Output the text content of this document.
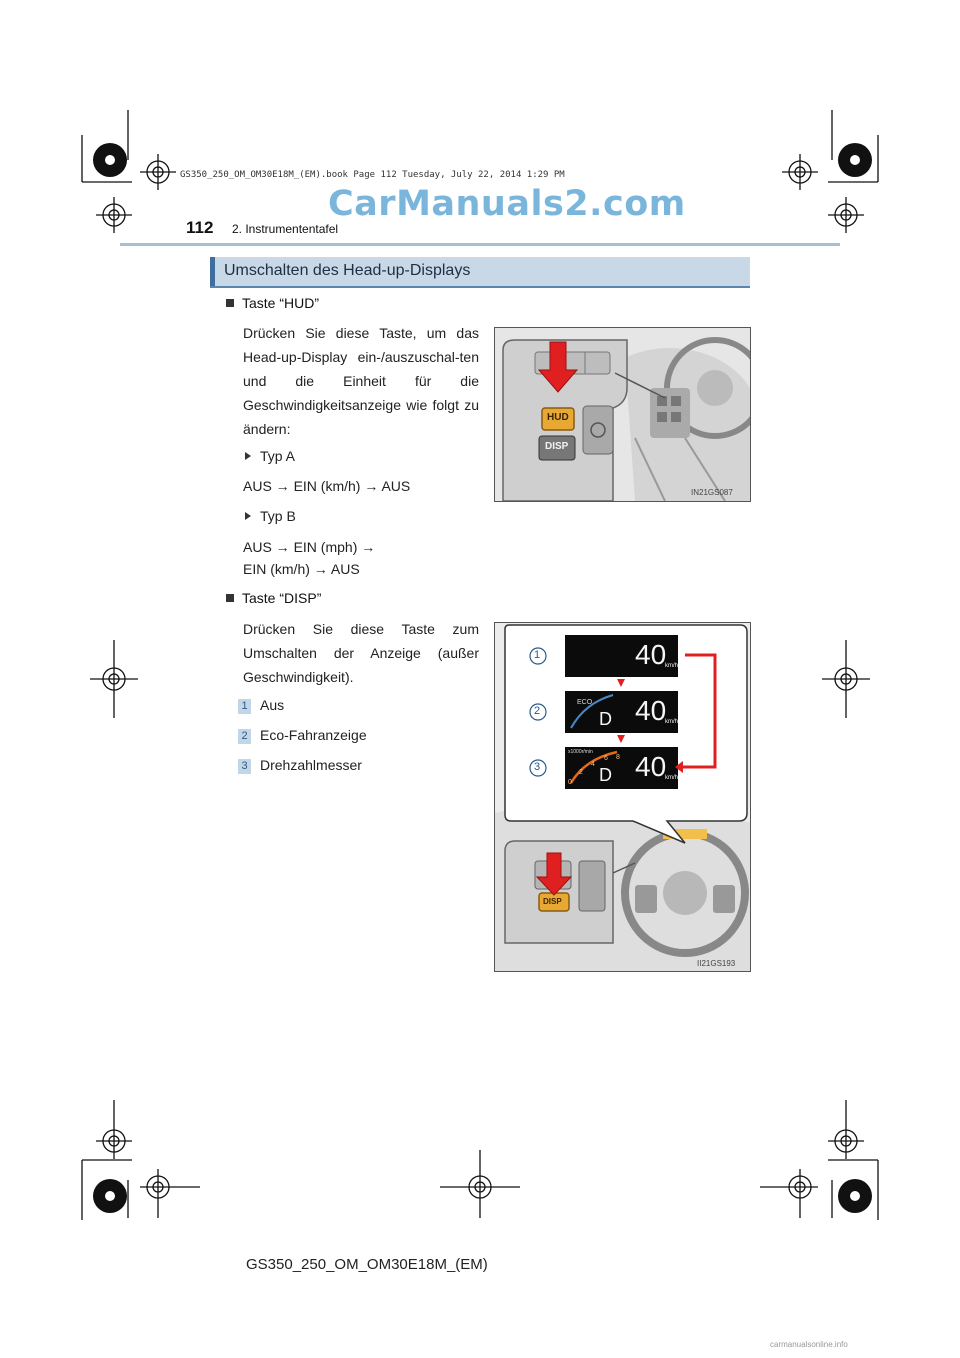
GS350_250_OM_OM30E18M_(EM).book Page 112 Tuesday, July 22, 2014 1:29 PM
CarManuals2.com
112 2. Instrumententafel
Umschalten des Head-up-Displays
Taste “HUD”
Drücken Sie diese Taste, um das Head-up-Display ein-/auszuschal-ten und die Einheit für die Geschwindigkeitsanzeige wie folgt zu ändern:
Typ A
AUS → EIN (km/h) → AUS
Typ B
AUS → EIN (mph) →
EIN (km/h) → AUS
Taste “DISP”
Drücken Sie diese Taste zum Umschalten der Anzeige (außer Geschwindigkeit).
1 Aus
2 Eco-Fahranzeige
3 Drehzahlmesser
HUD
DISP
IN21GS087
1
2
3
40
km/h
ECO
D 40
km/h
x1000r/min
0
2
4
6 8
D 40
km/h
DISP
II21GS193
GS350_250_OM_OM30E18M_(EM)
carmanualsonline.info
